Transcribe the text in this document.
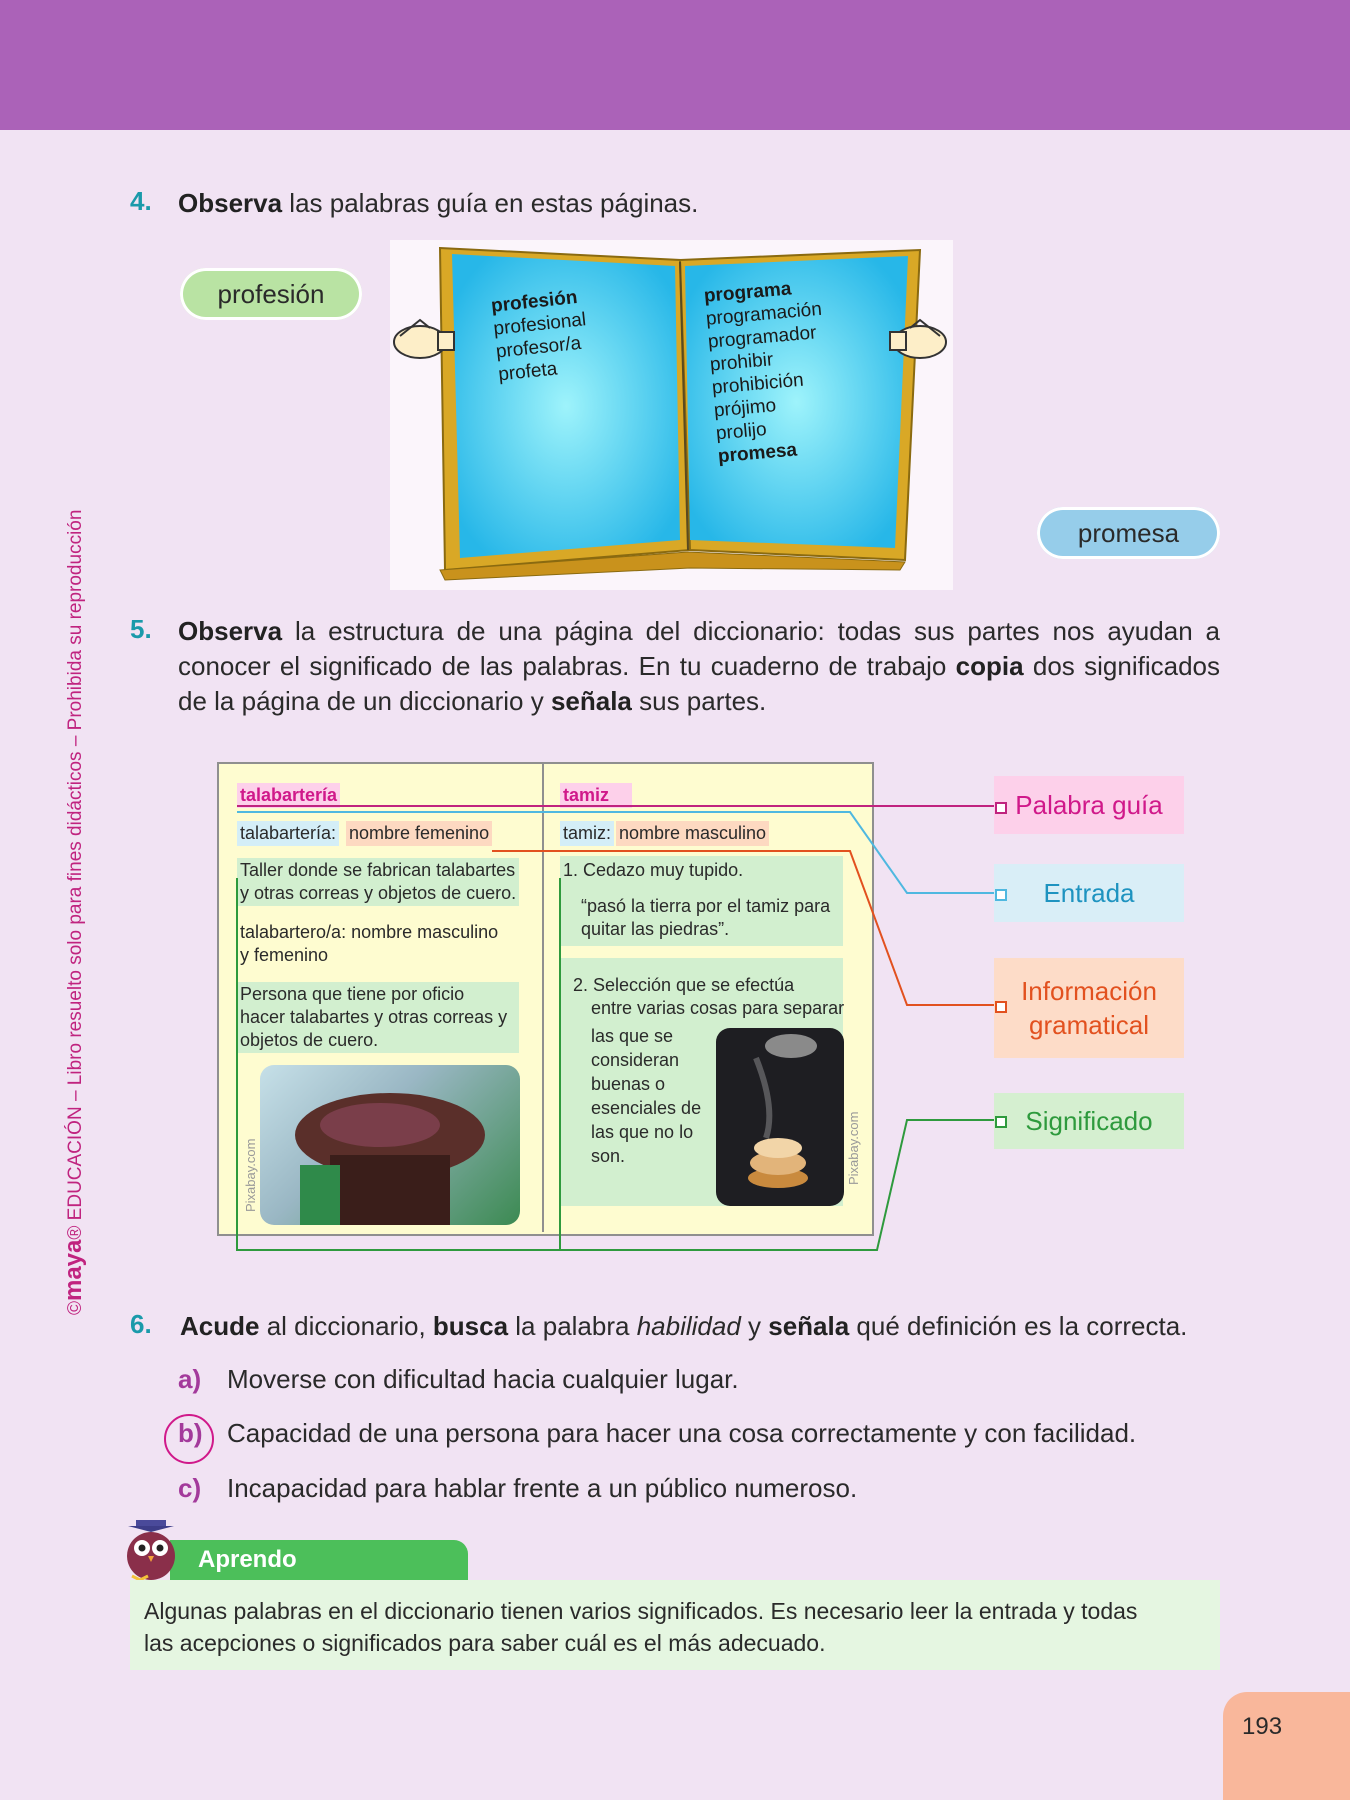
©maya® EDUCACIÓN – Libro resuelto solo para fines didácticos – Prohibida su reproducción
4. Observa las palabras guía en estas páginas.
profesión
promesa
profesión
profesional
profesor/a
profeta
programa
programación
programador
prohibir
prohibición
prójimo
prolijo
promesa
5. Observa la estructura de una página del diccionario: todas sus partes nos ayudan a
conocer el significado de las palabras. En tu cuaderno de trabajo copia dos significados
de la página de un diccionario y señala sus partes.
talabartería
talabartería: nombre femenino
Taller donde se fabrican talabartes
y otras correas y objetos de cuero.
talabartero/a: nombre masculino
y femenino
Persona que tiene por oficio
hacer talabartes y otras correas y
objetos de cuero.
Pixabay.com
tamiz
tamiz: nombre masculino
1. Cedazo muy tupido.
“pasó la tierra por el tamiz para
quitar las piedras”.
2. Selección que se efectúa
entre varias cosas para separar
las que se
consideran
buenas o
esenciales de
las que no lo
son.	Pixabay.com
Palabra guía
Entrada
Información gramatical
Significado
6. Acude al diccionario, busca la palabra habilidad y señala qué definición es la correcta.
a) Moverse con dificultad hacia cualquier lugar.
b) Capacidad de una persona para hacer una cosa correctamente y con facilidad.
c) Incapacidad para hablar frente a un público numeroso.
Aprendo
Algunas palabras en el diccionario tienen varios significados. Es necesario leer la entrada y todas
las acepciones o significados para saber cuál es el más adecuado.
193
